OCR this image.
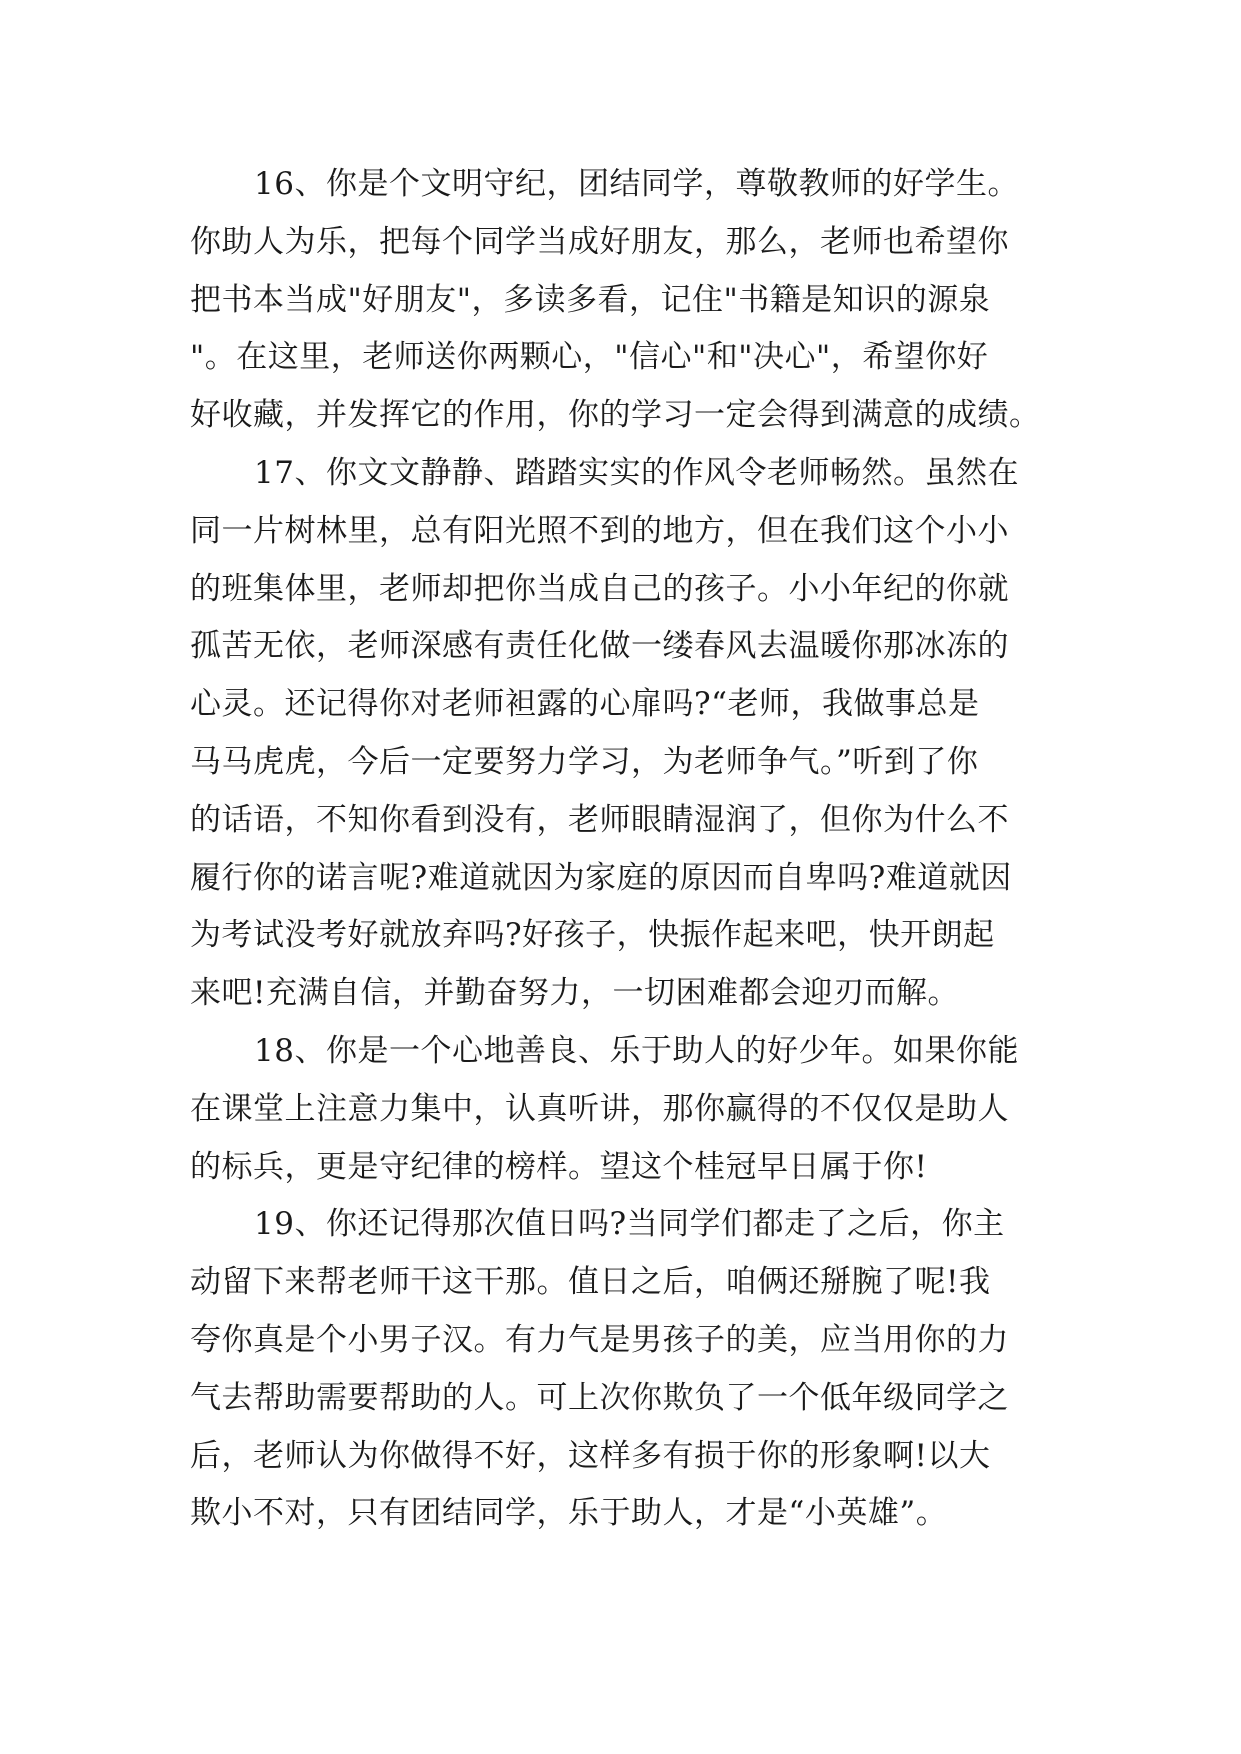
16、你是个文明守纪，团结同学，尊敬教师的好学生。
你助人为乐，把每个同学当成好朋友，那么，老师也希望你
把书本当成"好朋友"，多读多看，记住"书籍是知识的源泉
"。在这里，老师送你两颗心，"信心"和"决心"，希望你好
好收藏，并发挥它的作用，你的学习一定会得到满意的成绩。
17、你文文静静、踏踏实实的作风令老师畅然。虽然在
同一片树林里，总有阳光照不到的地方，但在我们这个小小
的班集体里，老师却把你当成自己的孩子。小小年纪的你就
孤苦无依，老师深感有责任化做一缕春风去温暖你那冰冻的
心灵。还记得你对老师袒露的心扉吗?“老师，我做事总是
马马虎虎，今后一定要努力学习，为老师争气。”听到了你
的话语，不知你看到没有，老师眼睛湿润了，但你为什么不
履行你的诺言呢?难道就因为家庭的原因而自卑吗?难道就因
为考试没考好就放弃吗?好孩子，快振作起来吧，快开朗起
来吧!充满自信，并勤奋努力，一切困难都会迎刃而解。
18、你是一个心地善良、乐于助人的好少年。如果你能
在课堂上注意力集中，认真听讲，那你赢得的不仅仅是助人
的标兵，更是守纪律的榜样。望这个桂冠早日属于你!
19、你还记得那次值日吗?当同学们都走了之后，你主
动留下来帮老师干这干那。值日之后，咱俩还掰腕了呢!我
夸你真是个小男子汉。有力气是男孩子的美，应当用你的力
气去帮助需要帮助的人。可上次你欺负了一个低年级同学之
后，老师认为你做得不好，这样多有损于你的形象啊!以大
欺小不对，只有团结同学，乐于助人，才是“小英雄”。
